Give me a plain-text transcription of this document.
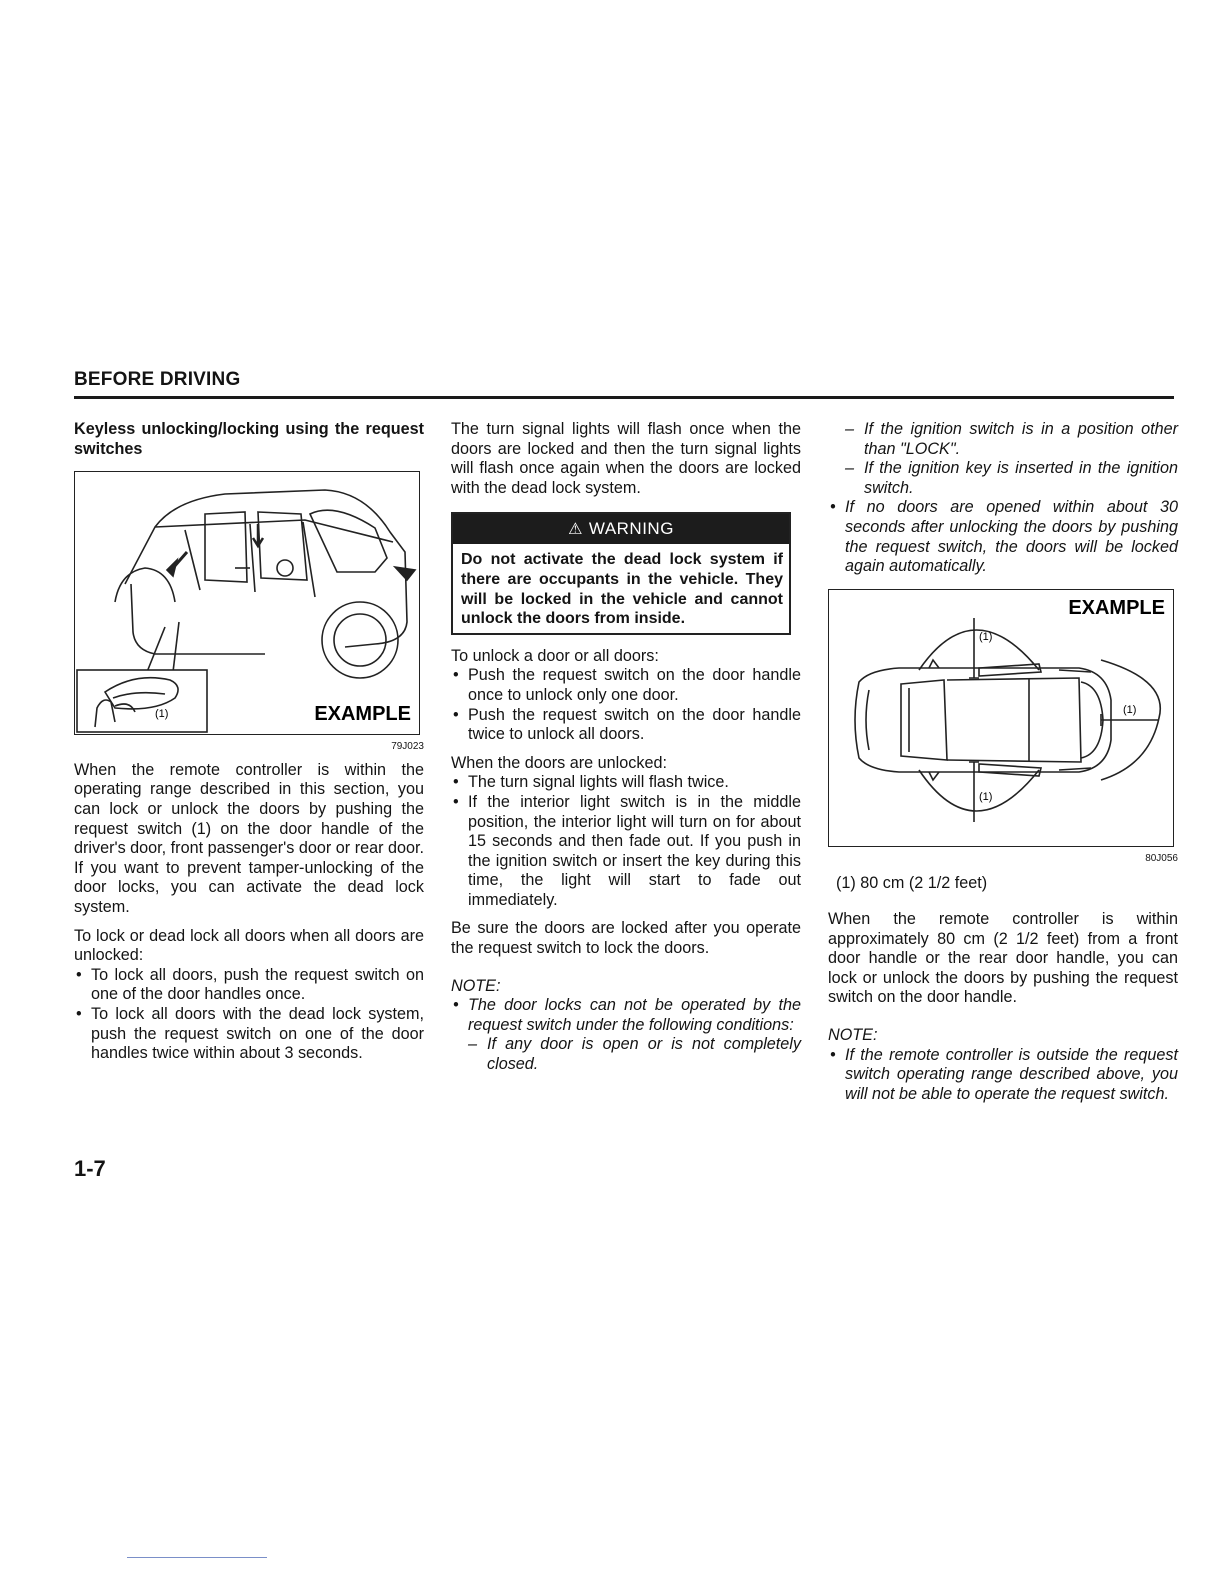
BEFORE DRIVING
Keyless unlocking/locking using the request switches
(1)	EXAMPLE
79J023
When the remote controller is within the operating range described in this section, you can lock or unlock the doors by pushing the request switch (1) on the door handle of the driver's door, front passenger's door or rear door. If you want to prevent tamper-unlocking of the door locks, you can activate the dead lock system.
To lock or dead lock all doors when all doors are unlocked:
• To lock all doors, push the request switch on one of the door handles once.
• To lock all doors with the dead lock system, push the request switch on one of the door handles twice within about 3 seconds.
The turn signal lights will flash once when the doors are locked and then the turn signal lights will flash once again when the doors are locked with the dead lock system.
⚠ WARNING
Do not activate the dead lock system if there are occupants in the vehicle. They will be locked in the vehicle and cannot unlock the doors from inside.
To unlock a door or all doors:
• Push the request switch on the door handle once to unlock only one door.
• Push the request switch on the door handle twice to unlock all doors.
When the doors are unlocked:
• The turn signal lights will flash twice.
• If the interior light switch is in the middle position, the interior light will turn on for about 15 seconds and then fade out. If you push in the ignition switch or insert the key during this time, the light will start to fade out immediately.
Be sure the doors are locked after you operate the request switch to lock the doors.
NOTE:
• The door locks can not be operated by the request switch under the following conditions:
– If any door is open or is not completely closed.
– If the ignition switch is in a position other than "LOCK".
– If the ignition key is inserted in the ignition switch.
• If no doors are opened within about 30 seconds after unlocking the doors by pushing the request switch, the doors will be locked again automatically.
(1)
(1)
(1)
EXAMPLE
80J056
(1) 80 cm (2 1/2 feet)
When the remote controller is within approximately 80 cm (2 1/2 feet) from a front door handle or the rear door handle, you can lock or unlock the doors by pushing the request switch on the door handle.
NOTE:
• If the remote controller is outside the request switch operating range described above, you will not be able to operate the request switch.
1-7
